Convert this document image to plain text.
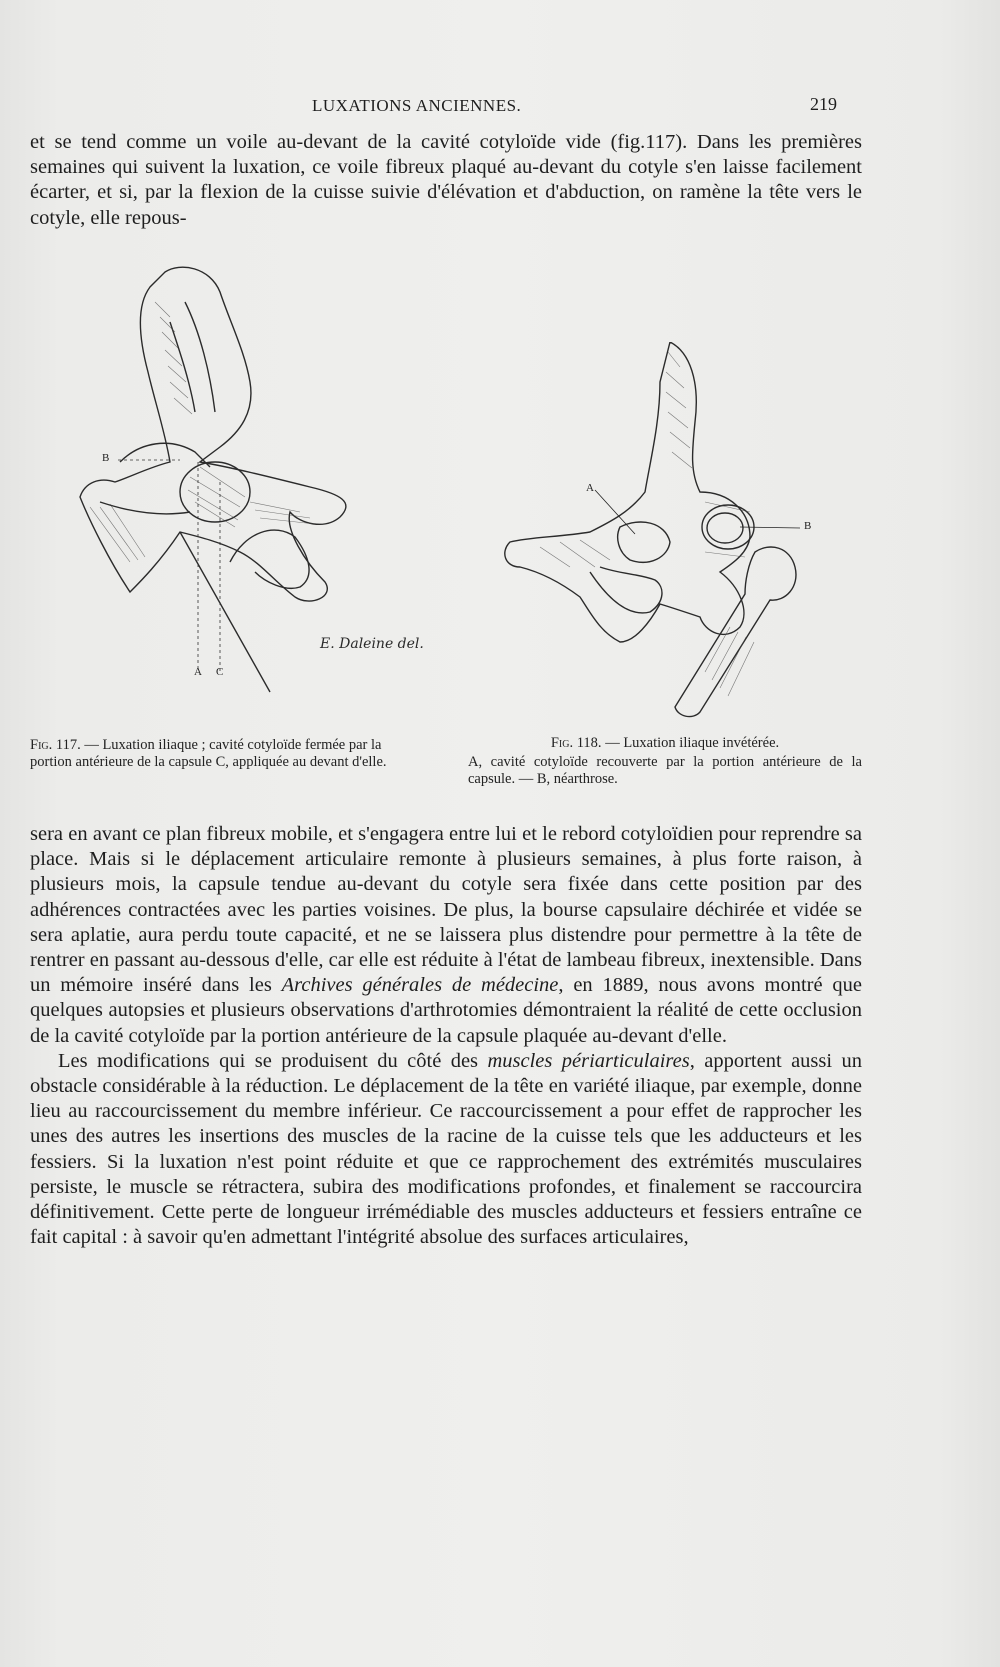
LUXATIONS ANCIENNES.	219

et se tend comme un voile au-devant de la cavité cotyloïde vide (fig.117). Dans les premières semaines qui suivent la luxation, ce voile fibreux plaqué au-devant du cotyle s'en laisse facilement écarter, et si, par la flexion de la cuisse suivie d'élévation et d'abduction, on ramène la tête vers le cotyle, elle repous-

B
A C
E. Daleine del.
A
B
Fig. 117. — Luxation iliaque ; cavité cotyloïde fermée par la portion antérieure de la capsule C, appliquée au devant d'elle.
Fig. 118. — Luxation iliaque invétérée.
A, cavité cotyloïde recouverte par la portion antérieure de la capsule. — B, néarthrose.

sera en avant ce plan fibreux mobile, et s'engagera entre lui et le rebord cotyloïdien pour reprendre sa place. Mais si le déplacement articulaire remonte à plusieurs semaines, à plus forte raison, à plusieurs mois, la capsule tendue au-devant du cotyle sera fixée dans cette position par des adhérences contractées avec les parties voisines. De plus, la bourse capsulaire déchirée et vidée se sera aplatie, aura perdu toute capacité, et ne se laissera plus distendre pour permettre à la tête de rentrer en passant au-dessous d'elle, car elle est réduite à l'état de lambeau fibreux, inextensible. Dans un mémoire inséré dans les Archives générales de médecine, en 1889, nous avons montré que quelques autopsies et plusieurs observations d'arthrotomies démontraient la réalité de cette occlusion de la cavité cotyloïde par la portion antérieure de la capsule plaquée au-devant d'elle.

Les modifications qui se produisent du côté des muscles périarticulaires, apportent aussi un obstacle considérable à la réduction. Le déplacement de la tête en variété iliaque, par exemple, donne lieu au raccourcissement du membre inférieur. Ce raccourcissement a pour effet de rapprocher les unes des autres les insertions des muscles de la racine de la cuisse tels que les adducteurs et les fessiers. Si la luxation n'est point réduite et que ce rapprochement des extrémités musculaires persiste, le muscle se rétractera, subira des modifications profondes, et finalement se raccourcira définitivement. Cette perte de longueur irrémédiable des muscles adducteurs et fessiers entraîne ce fait capital : à savoir qu'en admettant l'intégrité absolue des surfaces articulaires,
